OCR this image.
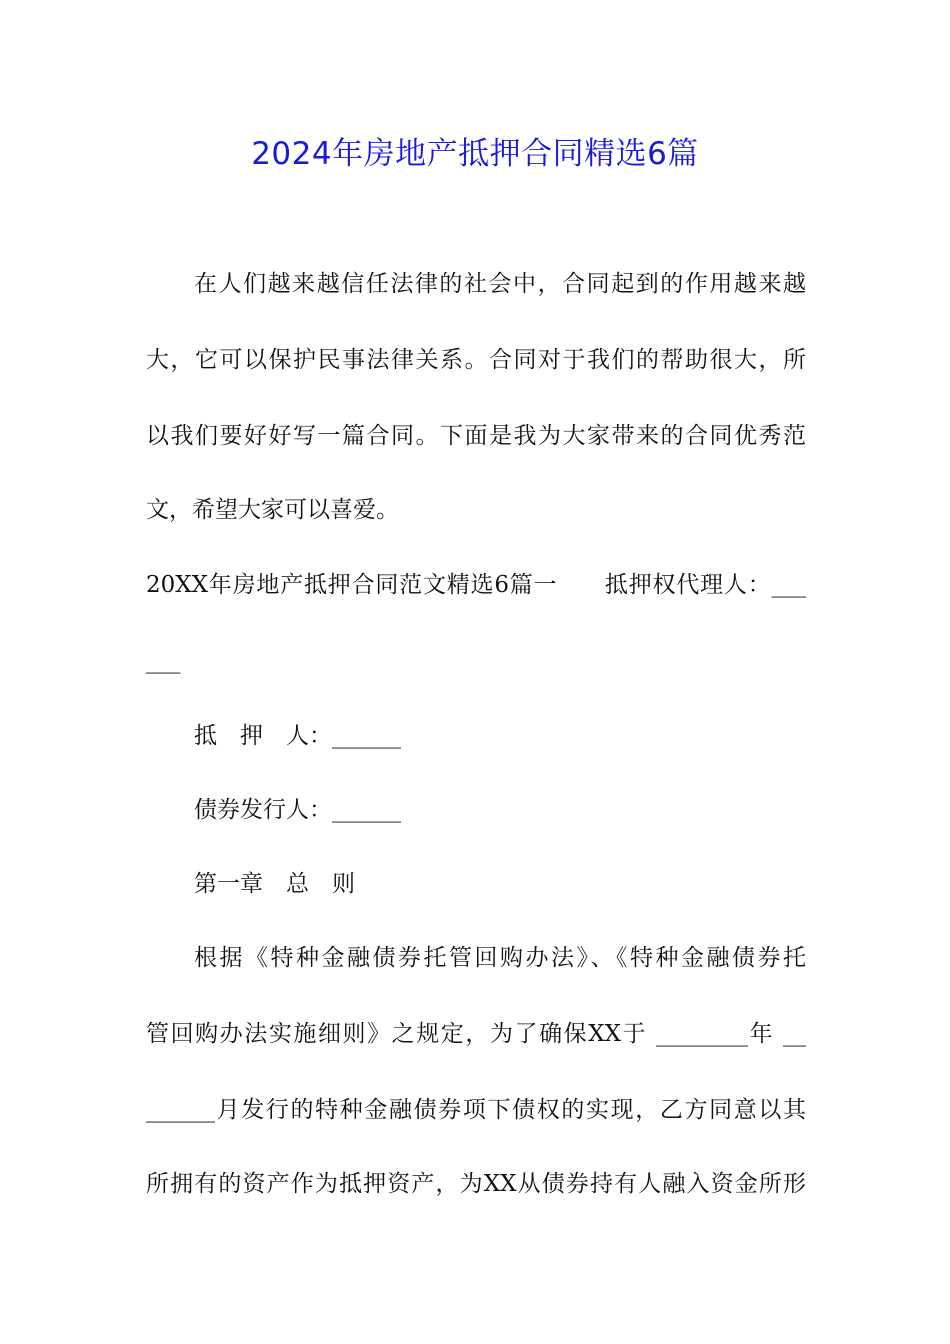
2024年房地产抵押合同精选6篇
在人们越来越信任法律的社会中，合同起到的作用越来越
大，它可以保护民事法律关系。合同对于我们的帮助很大，所
以我们要好好写一篇合同。下面是我为大家带来的合同优秀范
文，希望大家可以喜爱。
20XX年房地产抵押合同范文精选6篇一　　抵押权代理人：___
___
抵　押　人：______
债券发行人：______
第一章　总　则
根据《特种金融债券托管回购办法》、《特种金融债券托
管回购办法实施细则》之规定，为了确保XX于 ________年 __
______月发行的特种金融债券项下债权的实现，乙方同意以其
所拥有的资产作为抵押资产，为XX从债券持有人融入资金所形
